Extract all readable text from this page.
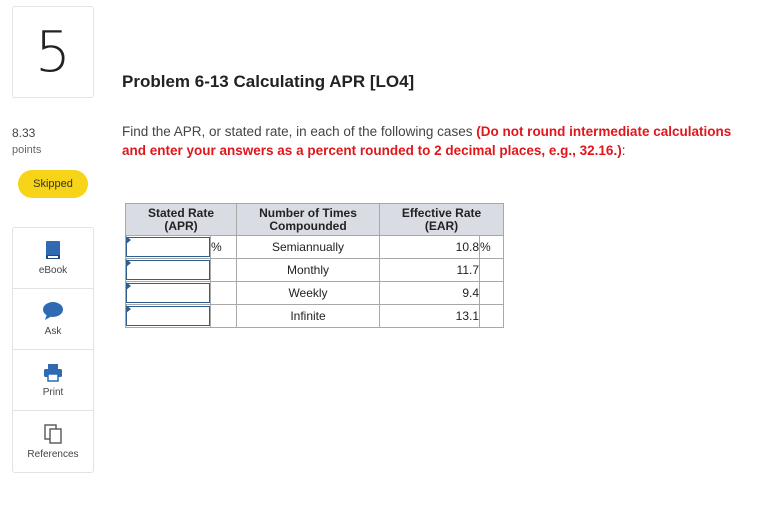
5
8.33
points
Skipped
eBook
Ask
Print
References
Problem 6-13 Calculating APR [LO4]
Find the APR, or stated rate, in each of the following cases (Do not round intermediate calculations and enter your answers as a percent rounded to 2 decimal places, e.g., 32.16.):
Stated Rate (APR)		Number of Times Compounded	Effective Rate (EAR)	

	%	Semiannually	10.8	%

		Monthly	11.7	

		Weekly	9.4	

		Infinite	13.1	
